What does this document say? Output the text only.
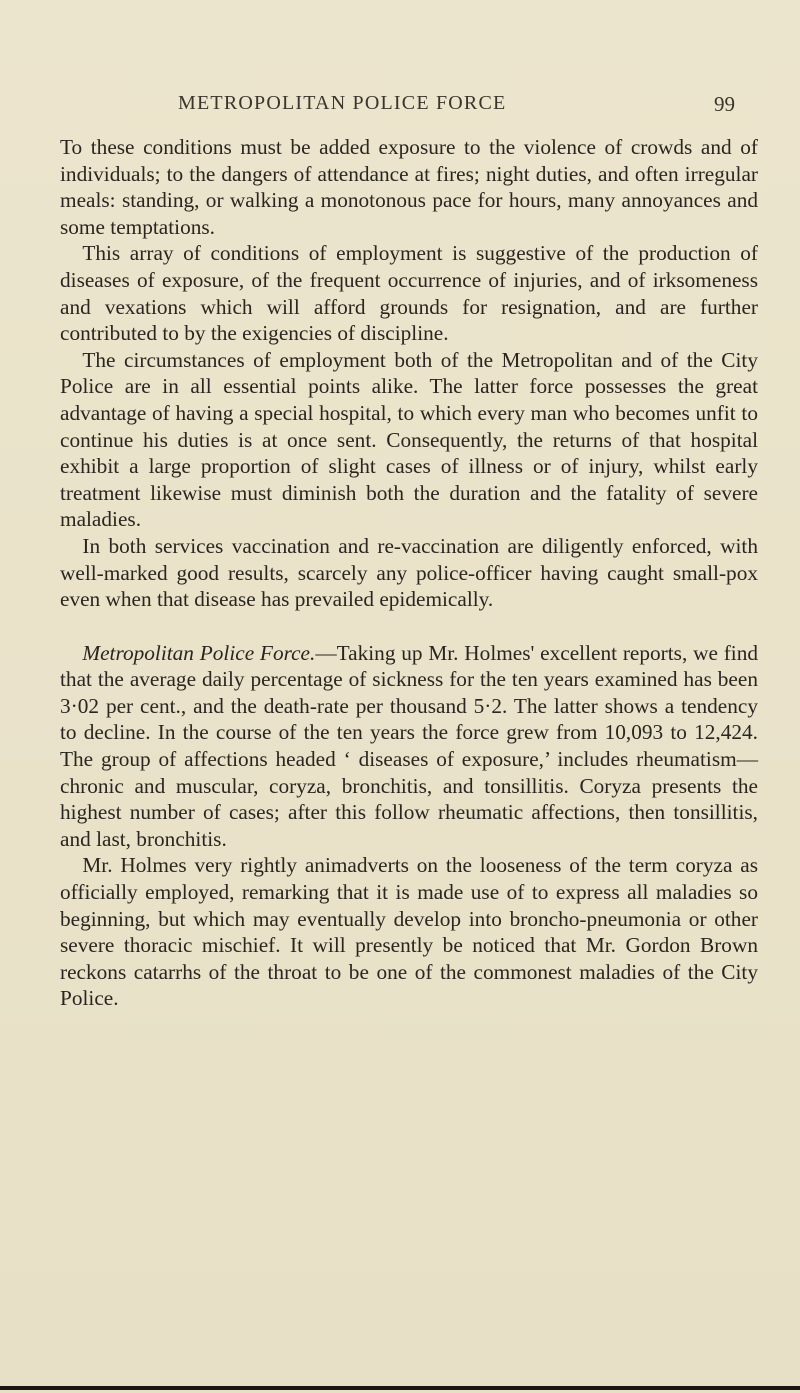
METROPOLITAN POLICE FORCE	99

To these conditions must be added exposure to the violence of crowds and of individuals; to the dangers of attendance at fires; night duties, and often irregular meals: standing, or walking a monotonous pace for hours, many annoyances and some temptations.

This array of conditions of employment is suggestive of the production of diseases of exposure, of the frequent occurrence of injuries, and of irksomeness and vexations which will afford grounds for resignation, and are further contributed to by the exigencies of discipline.

The circumstances of employment both of the Metropolitan and of the City Police are in all essential points alike. The latter force possesses the great advantage of having a special hospital, to which every man who becomes unfit to continue his duties is at once sent. Consequently, the returns of that hospital exhibit a large proportion of slight cases of illness or of injury, whilst early treatment likewise must diminish both the duration and the fatality of severe maladies.

In both services vaccination and re-vaccination are diligently enforced, with well-marked good results, scarcely any police-officer having caught small-pox even when that disease has prevailed epidemically.

Metropolitan Police Force.—Taking up Mr. Holmes' excellent reports, we find that the average daily percentage of sickness for the ten years examined has been 3·02 per cent., and the death-rate per thousand 5·2. The latter shows a tendency to decline. In the course of the ten years the force grew from 10,093 to 12,424. The group of affections headed ‘ diseases of exposure,’ includes rheumatism—chronic and muscular, coryza, bronchitis, and tonsillitis. Coryza presents the highest number of cases; after this follow rheumatic affections, then tonsillitis, and last, bronchitis.

Mr. Holmes very rightly animadverts on the looseness of the term coryza as officially employed, remarking that it is made use of to express all maladies so beginning, but which may eventually develop into broncho-pneumonia or other severe thoracic mischief. It will presently be noticed that Mr. Gordon Brown reckons catarrhs of the throat to be one of the commonest maladies of the City Police.
